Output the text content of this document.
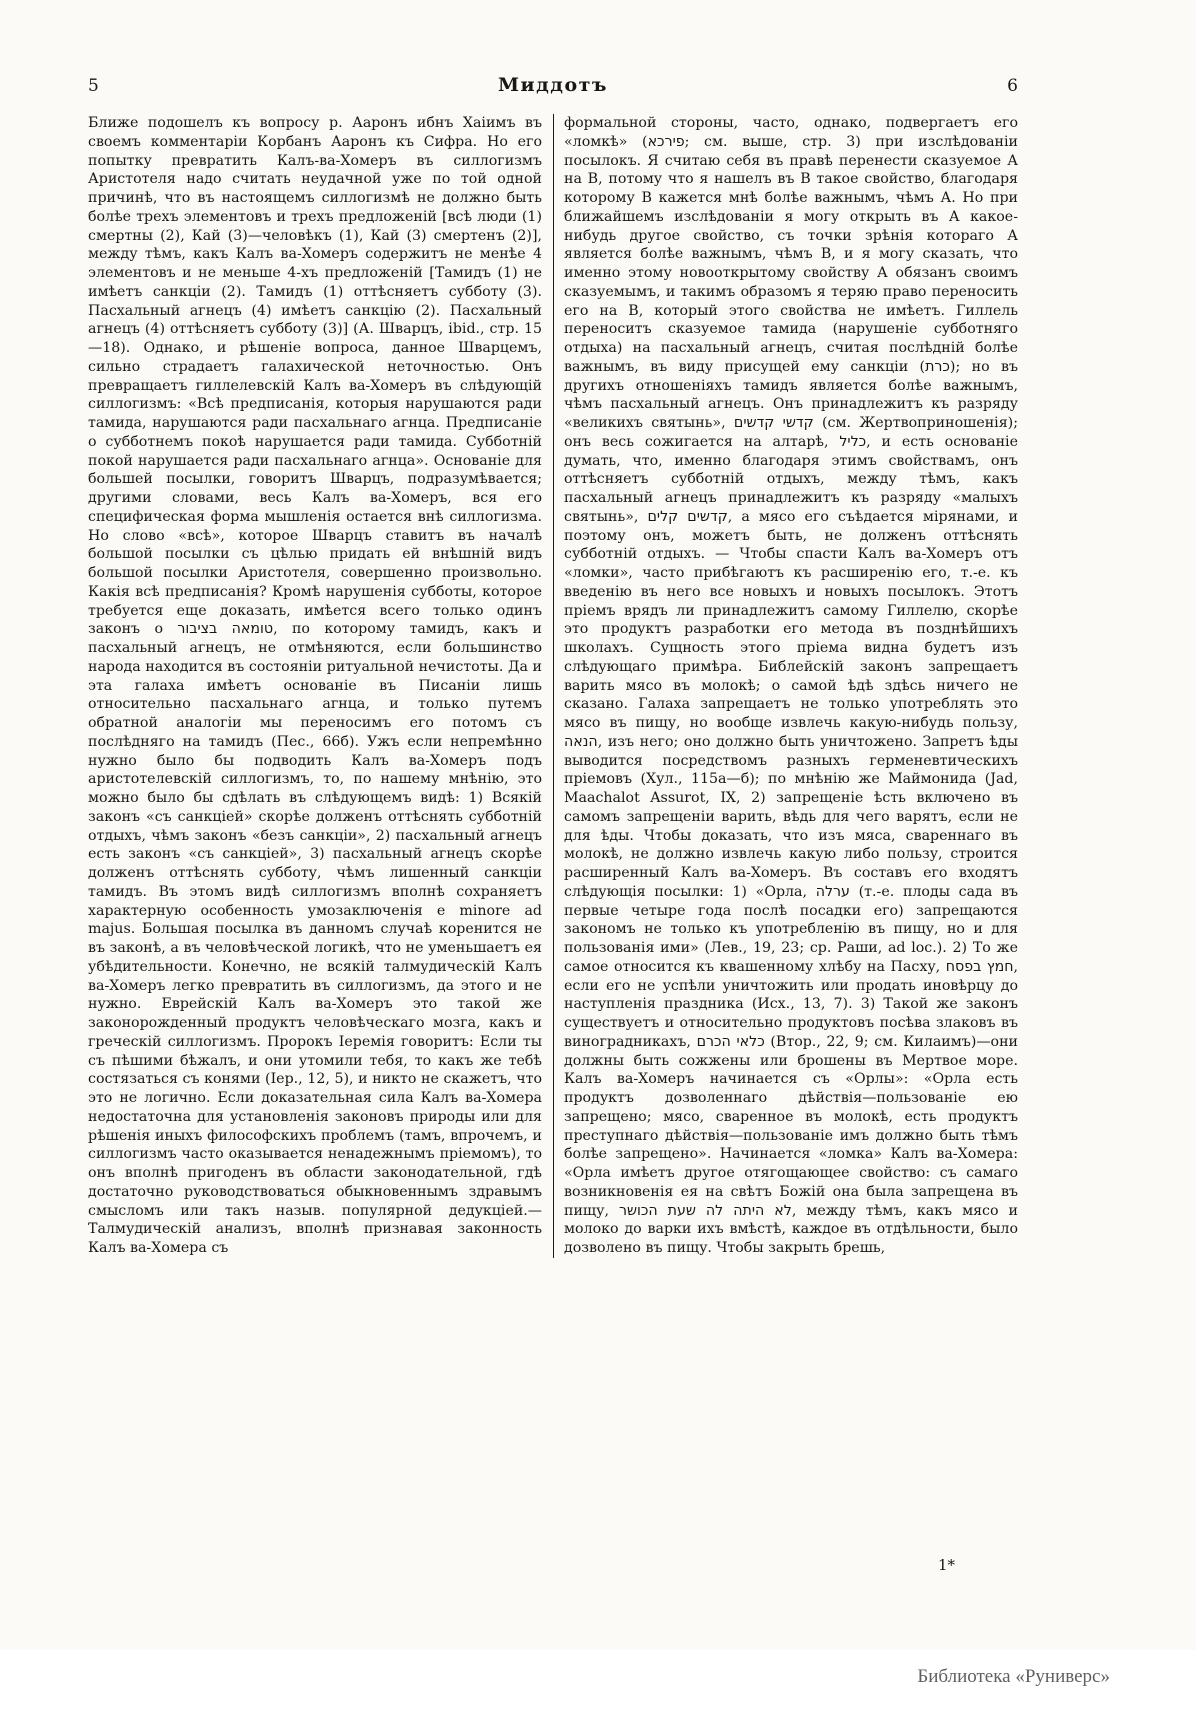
5	Миддотъ	6
Ближе подошелъ къ вопросу р. Ааронъ ибнъ Хаіимъ въ своемъ комментаріи Корбанъ Ааронъ къ Сифра. Но его попытку превратить Калъ-ва-Хомеръ въ силлогизмъ Аристотеля надо считать неудачной уже по той одной причинѣ, что въ настоящемъ силлогизмѣ не должно быть болѣе трехъ элементовъ и трехъ предложеній [всѣ люди (1) смертны (2), Кай (3)—человѣкъ (1), Кай (3) смертенъ (2)], между тѣмъ, какъ Калъ ва-Хомеръ содержитъ не менѣе 4 элементовъ и не меньше 4-хъ предложеній [Тамидъ (1) не имѣетъ санкціи (2). Тамидъ (1) оттѣсняетъ субботу (3). Пасхальный агнецъ (4) имѣетъ санкцію (2). Пасхальный агнецъ (4) оттѣсняетъ субботу (3)] (А. Шварцъ, ibid., стр. 15—18). Однако, и рѣшеніе вопроса, данное Шварцемъ, сильно страдаетъ галахической неточностью. Онъ превращаетъ гиллелевскій Калъ ва-Хомеръ въ слѣдующій силлогизмъ: «Всѣ предписанія, которыя нарушаются ради тамида, нарушаются ради пасхальнаго агнца. Предписаніе о субботнемъ покоѣ нарушается ради тамида. Субботній покой нарушается ради пасхальнаго агнца». Основаніе для большей посылки, говоритъ Шварцъ, подразумѣвается; другими словами, весь Калъ ва-Хомеръ, вся его специфическая форма мышленія остается внѣ силлогизма. Но слово «всѣ», которое Шварцъ ставитъ въ началѣ большой посылки съ цѣлью придать ей внѣшній видъ большой посылки Аристотеля, совершенно произвольно. Какія всѣ предписанія? Кромѣ нарушенія субботы, которое требуется еще доказать, имѣется всего только одинъ законъ о טומאה בציבור, по которому тамидъ, какъ и пасхальный агнецъ, не отмѣняются, если большинство народа находится въ состояніи ритуальной нечистоты. Да и эта галаха имѣетъ основаніе въ Писаніи лишь относительно пасхальнаго агнца, и только путемъ обратной аналогіи мы переносимъ его потомъ съ послѣдняго на тамидъ (Пес., 66б). Ужъ если непремѣнно нужно было бы подводить Калъ ва-Хомеръ подъ аристотелевскій силлогизмъ, то, по нашему мнѣнію, это можно было бы сдѣлать въ слѣдующемъ видѣ: 1) Всякій законъ «съ санкціей» скорѣе долженъ оттѣснять субботній отдыхъ, чѣмъ законъ «безъ санкціи», 2) пасхальный агнецъ есть законъ «съ санкціей», 3) пасхальный агнецъ скорѣе долженъ оттѣснять субботу, чѣмъ лишенный санкціи тамидъ. Въ этомъ видѣ силлогизмъ вполнѣ сохраняетъ характерную особенность умозаключенія e minore ad majus. Большая посылка въ данномъ случаѣ коренится не въ законѣ, а въ человѣческой логикѣ, что не уменьшаетъ ея убѣдительности. Конечно, не всякій талмудическій Калъ ва-Хомеръ легко превратить въ силлогизмъ, да этого и не нужно. Еврейскій Калъ ва-Хомеръ это такой же законорожденный продуктъ человѣческаго мозга, какъ и греческій силлогизмъ. Пророкъ Іеремія говоритъ: Если ты съ пѣшими бѣжалъ, и они утомили тебя, то какъ же тебѣ состязаться съ конями (Іер., 12, 5), и никто не скажетъ, что это не логично. Если доказательная сила Калъ ва-Хомера недостаточна для установленія законовъ природы или для рѣшенія иныхъ философскихъ проблемъ (тамъ, впрочемъ, и силлогизмъ часто оказывается ненадежнымъ пріемомъ), то онъ вполнѣ пригоденъ въ области законодательной, гдѣ достаточно руководствоваться обыкновеннымъ здравымъ смысломъ или такъ назыв. популярной дедукціей.—Талмудическій анализъ, вполнѣ признавая законность Калъ ва-Хомера съ
формальной стороны, часто, однако, подвергаетъ его «ломкѣ» (פירכא; см. выше, стр. 3) при изслѣдованіи посылокъ. Я считаю себя въ правѣ перенести сказуемое А на В, потому что я нашелъ въ В такое свойство, благодаря которому В кажется мнѣ болѣе важнымъ, чѣмъ А. Но при ближайшемъ изслѣдованіи я могу открыть въ А какое-нибудь другое свойство, съ точки зрѣнія котораго А является болѣе важнымъ, чѣмъ В, и я могу сказать, что именно этому новооткрытому свойству А обязанъ своимъ сказуемымъ, и такимъ образомъ я теряю право переносить его на В, который этого свойства не имѣетъ. Гиллель переноситъ сказуемое тамида (нарушеніе субботняго отдыха) на пасхальный агнецъ, считая послѣдній болѣе важнымъ, въ виду присущей ему санкціи (כרת); но въ другихъ отношеніяхъ тамидъ является болѣе важнымъ, чѣмъ пасхальный агнецъ. Онъ принадлежитъ къ разряду «великихъ святынь», קדשי קדשים (см. Жертвоприношенія); онъ весь сожигается на алтарѣ, כליל, и есть основаніе думать, что, именно благодаря этимъ свойствамъ, онъ оттѣсняетъ субботній отдыхъ, между тѣмъ, какъ пасхальный агнецъ принадлежитъ къ разряду «малыхъ святынь», קדשים קלים, а мясо его съѣдается мірянами, и поэтому онъ, можетъ быть, не долженъ оттѣснять субботній отдыхъ. — Чтобы спасти Калъ ва-Хомеръ отъ «ломки», часто прибѣгаютъ къ расширенію его, т.-е. къ введенію въ него все новыхъ и новыхъ посылокъ. Этотъ пріемъ врядъ ли принадлежитъ самому Гиллелю, скорѣе это продуктъ разработки его метода въ позднѣйшихъ школахъ. Сущность этого пріема видна будетъ изъ слѣдующаго примѣра. Библейскій законъ запрещаетъ варить мясо въ молокѣ; о самой ѣдѣ здѣсь ничего не сказано. Галаха запрещаетъ не только употреблять это мясо въ пищу, но вообще извлечь какую-нибудь пользу, הנאה, изъ него; оно должно быть уничтожено. Запретъ ѣды выводится посредствомъ разныхъ герменевтическихъ пріемовъ (Хул., 115а—б); по мнѣнію же Маймонида (Jad, Maachalot Assurot, IX, 2) запрещеніе ѣсть включено въ самомъ запрещеніи варить, вѣдь для чего варятъ, если не для ѣды. Чтобы доказать, что изъ мяса, свареннаго въ молокѣ, не должно извлечь какую либо пользу, строится расширенный Калъ ва-Хомеръ. Въ составъ его входятъ слѣдующія посылки: 1) «Орла, ערלה (т.-е. плоды сада въ первые четыре года послѣ посадки его) запрещаются закономъ не только къ употребленію въ пищу, но и для пользованія ими» (Лев., 19, 23; ср. Раши, ad loc.). 2) То же самое относится къ квашенному хлѣбу на Пасху, חמץ בפסח, если его не успѣли уничтожить или продать иновѣрцу до наступленія праздника (Исх., 13, 7). 3) Такой же законъ существуетъ и относительно продуктовъ посѣва злаковъ въ виноградникахъ, כלאי הכרם (Втор., 22, 9; см. Килаимъ)—они должны быть сожжены или брошены въ Мертвое море. Калъ ва-Хомеръ начинается съ «Орлы»: «Орла есть продуктъ дозволеннаго дѣйствія—пользованіе ею запрещено; мясо, сваренное въ молокѣ, есть продуктъ преступнаго дѣйствія—пользованіе имъ должно быть тѣмъ болѣе запрещено». Начинается «ломка» Калъ ва-Хомера: «Орла имѣетъ другое отягощающее свойство: съ самаго возникновенія ея на свѣтъ Божій она была запрещена въ пищу, לא היתה לה שעת הכושר, между тѣмъ, какъ мясо и молоко до варки ихъ вмѣстѣ, каждое въ отдѣльности, было дозволено въ пищу. Чтобы закрыть брешь,
1*
Библиотека «Руниверс»
